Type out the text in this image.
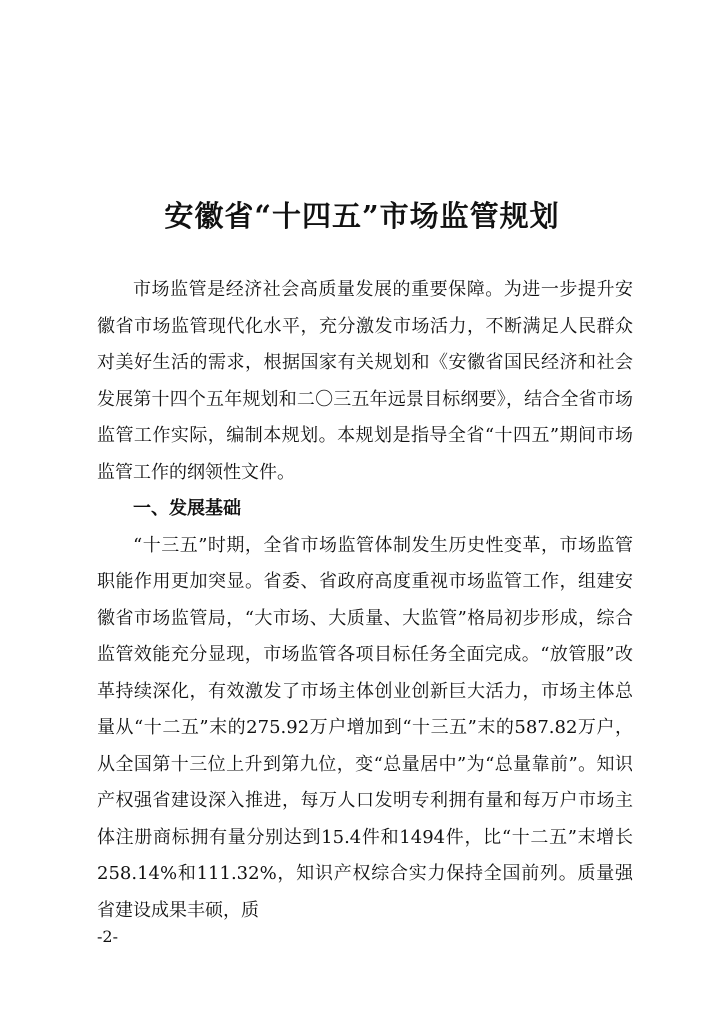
安徽省“十四五”市场监管规划

市场监管是经济社会高质量发展的重要保障。为进一步提升安徽省市场监管现代化水平，充分激发市场活力，不断满足人民群众对美好生活的需求，根据国家有关规划和《安徽省国民经济和社会发展第十四个五年规划和二〇三五年远景目标纲要》，结合全省市场监管工作实际，编制本规划。本规划是指导全省“十四五”期间市场监管工作的纲领性文件。

一、发展基础

“十三五”时期，全省市场监管体制发生历史性变革，市场监管职能作用更加突显。省委、省政府高度重视市场监管工作，组建安徽省市场监管局，“大市场、大质量、大监管”格局初步形成，综合监管效能充分显现，市场监管各项目标任务全面完成。“放管服”改革持续深化，有效激发了市场主体创业创新巨大活力，市场主体总量从“十二五”末的275.92万户增加到“十三五”末的587.82万户，从全国第十三位上升到第九位，变“总量居中”为“总量靠前”。知识产权强省建设深入推进，每万人口发明专利拥有量和每万户市场主体注册商标拥有量分别达到15.4件和1494件，比“十二五”末增长258.14%和111.32%，知识产权综合实力保持全国前列。质量强省建设成果丰硕，质

-2-
